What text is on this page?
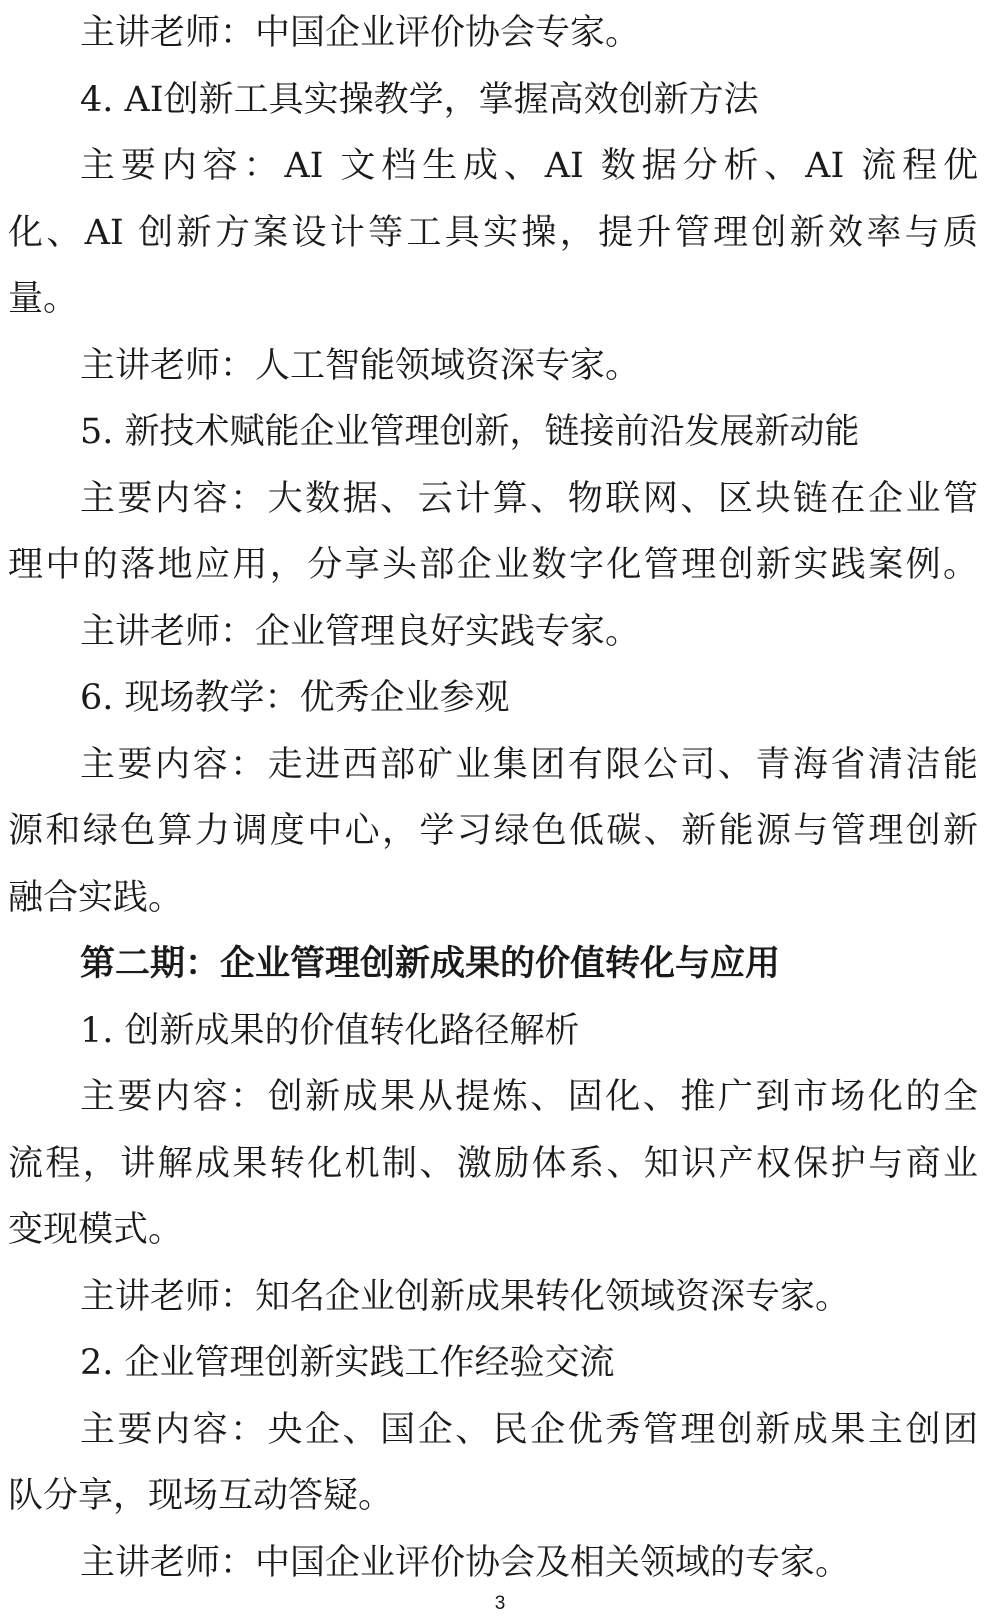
主讲老师：中国企业评价协会专家。
4. AI创新工具实操教学，掌握高效创新方法
主要内容：AI 文档生成、AI 数据分析、AI 流程优
化、AI 创新方案设计等工具实操，提升管理创新效率与质
量。
主讲老师：人工智能领域资深专家。
5. 新技术赋能企业管理创新，链接前沿发展新动能
主要内容：大数据、云计算、物联网、区块链在企业管
理中的落地应用，分享头部企业数字化管理创新实践案例。
主讲老师：企业管理良好实践专家。
6. 现场教学：优秀企业参观
主要内容：走进西部矿业集团有限公司、青海省清洁能
源和绿色算力调度中心，学习绿色低碳、新能源与管理创新
融合实践。
第二期：企业管理创新成果的价值转化与应用
1. 创新成果的价值转化路径解析
主要内容：创新成果从提炼、固化、推广到市场化的全
流程，讲解成果转化机制、激励体系、知识产权保护与商业
变现模式。
主讲老师：知名企业创新成果转化领域资深专家。
2. 企业管理创新实践工作经验交流
主要内容：央企、国企、民企优秀管理创新成果主创团
队分享，现场互动答疑。
主讲老师：中国企业评价协会及相关领域的专家。
3
